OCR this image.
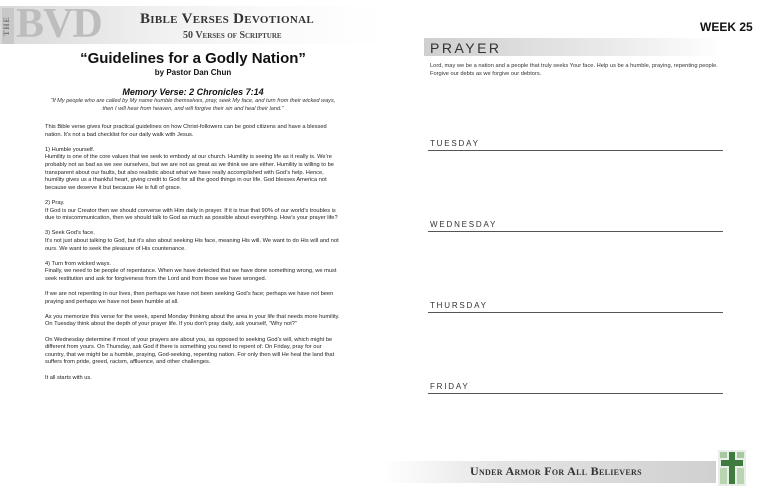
THE BVD	Bible Verses Devotional
50 Verses of Scripture
“Guidelines for a Godly Nation”
by Pastor Dan Chun
Memory Verse: 2 Chronicles 7:14
“If My people who are called by My name humble themselves, pray, seek My face, and turn from their wicked ways, then I will hear from heaven, and will forgive their sin and heal their land.”

This Bible verse gives four practical guidelines on how Christ-followers can be good citizens and have a blessed nation. It’s not a bad checklist for our daily walk with Jesus.

1) Humble yourself.
Humility is one of the core values that we seek to embody at our church. Humility is seeing life as it really is. We’re probably not as bad as we see ourselves, but we are not as great as we think we are either. Humility is willing to be transparent about our faults, but also realistic about what we have really accomplished with God’s help. Hence, humility gives us a thankful heart, giving credit to God for all the good things in our life. God blesses America not because we deserve it but because He is full of grace.

2) Pray.
If God is our Creator then we should converse with Him daily in prayer. If it is true that 90% of our world’s troubles is due to miscommunication, then we should talk to God as much as possible about everything. How’s your prayer life?

3) Seek God’s face.
It’s not just about talking to God, but it’s also about seeking His face, meaning His will. We want to do His will and not ours. We want to seek the pleasure of His countenance.

4) Turn from wicked ways.
Finally, we need to be people of repentance. When we have detected that we have done something wrong, we must seek restitution and ask for forgiveness from the Lord and from those we have wronged.

If we are not repenting in our lives, then perhaps we have not been seeking God’s face; perhaps we have not been praying and perhaps we have not been humble at all.

As you memorize this verse for the week, spend Monday thinking about the area in your life that needs more humility. On Tuesday think about the depth of your prayer life. If you don’t pray daily, ask yourself, “Why not?”

On Wednesday determine if most of your prayers are about you, as opposed to seeking God’s will, which might be different from yours. On Thursday, ask God if there is something you need to repent of. On Friday, pray for our country, that we might be a humble, praying, God-seeking, repenting nation. For only then will He heal the land that suffers from pride, greed, racism, affluence, and other challenges.

It all starts with us.

WEEK 25
PRAYER
Lord, may we be a nation and a people that truly seeks Your face. Help us be a humble, praying, repenting people. Forgive our debts as we forgive our debtors.
TUESDAY
WEDNESDAY
THURSDAY
FRIDAY
Under Armor For All Believers
